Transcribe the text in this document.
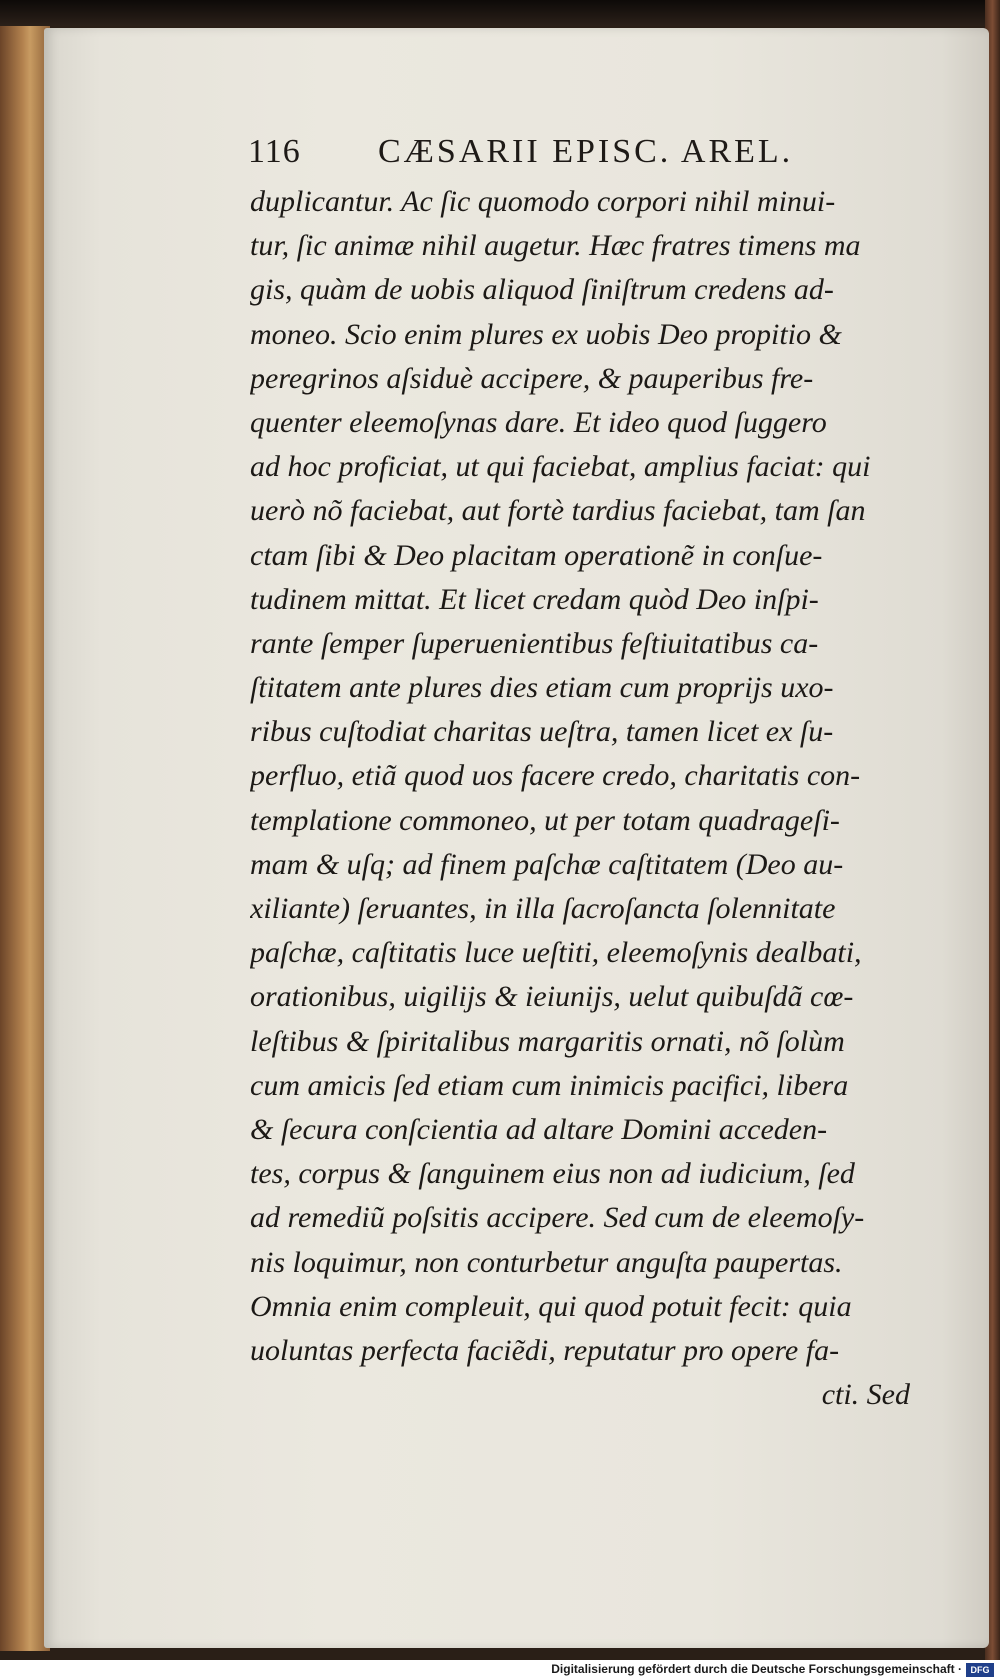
116 CÆSARII EPISC. AREL.
duplicantur. Ac ſic quomodo corpori nihil minui-
tur, ſic animæ nihil augetur. Hæc fratres timens ma
gis, quàm de uobis aliquod ſiniſtrum credens ad-
moneo. Scio enim plures ex uobis Deo propitio &
peregrinos aſsiduè accipere, & pauperibus fre-
quenter eleemoſynas dare. Et ideo quod ſuggero
ad hoc proficiat, ut qui faciebat, amplius faciat: qui
uerò nõ faciebat, aut fortè tardius faciebat, tam ſan
ctam ſibi & Deo placitam operationẽ in conſue-
tudinem mittat. Et licet credam quòd Deo inſpi-
rante ſemper ſuperuenientibus feſtiuitatibus ca-
ſtitatem ante plures dies etiam cum proprijs uxo-
ribus cuſtodiat charitas ueſtra, tamen licet ex ſu-
perfluo, etiã quod uos facere credo, charitatis con-
templatione commoneo, ut per totam quadrageſi-
mam & uſq; ad finem paſchæ caſtitatem (Deo au-
xiliante) ſeruantes, in illa ſacroſancta ſolennitate
paſchæ, caſtitatis luce ueſtiti, eleemoſynis dealbati,
orationibus, uigilijs & ieiunijs, uelut quibuſdã cœ-
leſtibus & ſpiritalibus margaritis ornati, nõ ſolùm
cum amicis ſed etiam cum inimicis pacifici, libera
& ſecura conſcientia ad altare Domini acceden-
tes, corpus & ſanguinem eius non ad iudicium, ſed
ad remediũ poſsitis accipere. Sed cum de eleemoſy-
nis loquimur, non conturbetur anguſta paupertas.
Omnia enim compleuit, qui quod potuit fecit: quia
uoluntas perfecta faciẽdi, reputatur pro opere fa-
cti. Sed
Digitalisierung gefördert durch die Deutsche Forschungsgemeinschaft · DFG
